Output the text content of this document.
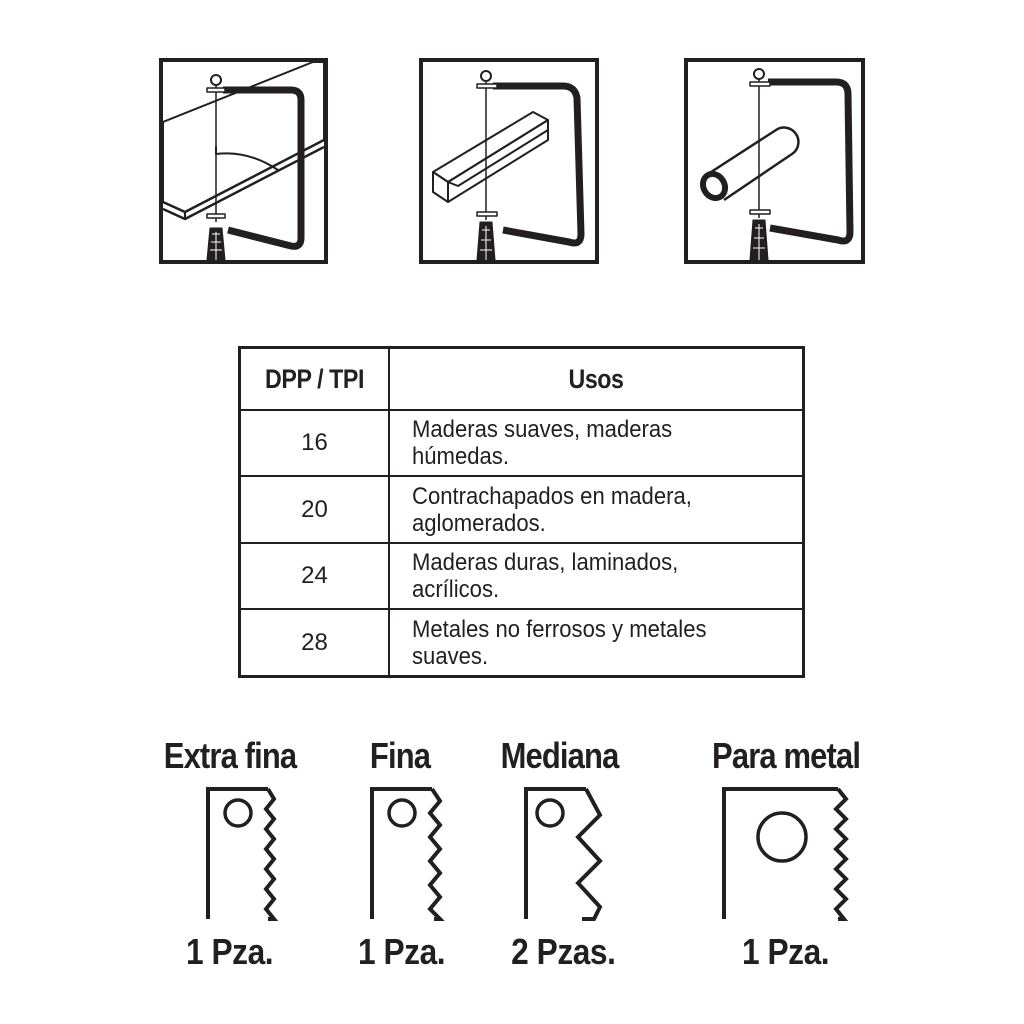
DPP / TPI	Usos
16	Maderas suaves, maderas húmedas.
20	Contrachapados en madera, aglomerados.
24	Maderas duras, laminados, acrílicos.
28	Metales no ferrosos y metales suaves.
Extra fina
1 Pza.
Fina
1 Pza.
Mediana
2 Pzas.
Para metal
1 Pza.
